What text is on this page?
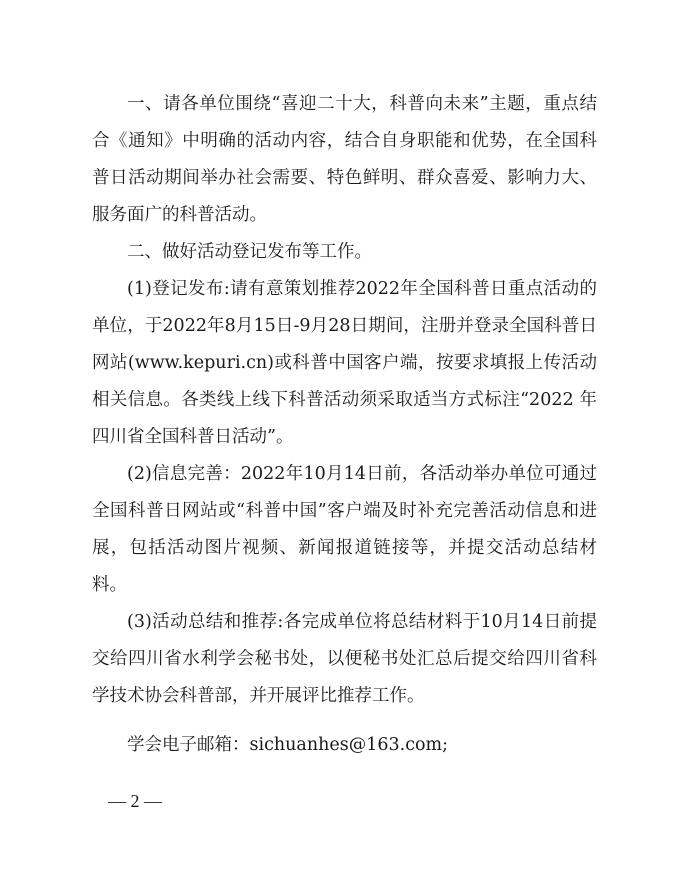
一、请各单位围绕“喜迎二十大，科普向未来”主题，重点结合《通知》中明确的活动内容，结合自身职能和优势，在全国科普日活动期间举办社会需要、特色鲜明、群众喜爱、影响力大、服务面广的科普活动。

二、做好活动登记发布等工作。

(1)登记发布:请有意策划推荐2022年全国科普日重点活动的单位，于2022年8月15日-9月28日期间，注册并登录全国科普日网站(www.kepuri.cn)或科普中国客户端，按要求填报上传活动相关信息。各类线上线下科普活动须采取适当方式标注“2022 年四川省全国科普日活动”。

(2)信息完善：2022年10月14日前，各活动举办单位可通过全国科普日网站或“科普中国”客户端及时补充完善活动信息和进展，包括活动图片视频、新闻报道链接等，并提交活动总结材料。

(3)活动总结和推荐:各完成单位将总结材料于10月14日前提交给四川省水利学会秘书处，以便秘书处汇总后提交给四川省科学技术协会科普部，并开展评比推荐工作。

学会电子邮箱：sichuanhes@163.com;

— 2 —
